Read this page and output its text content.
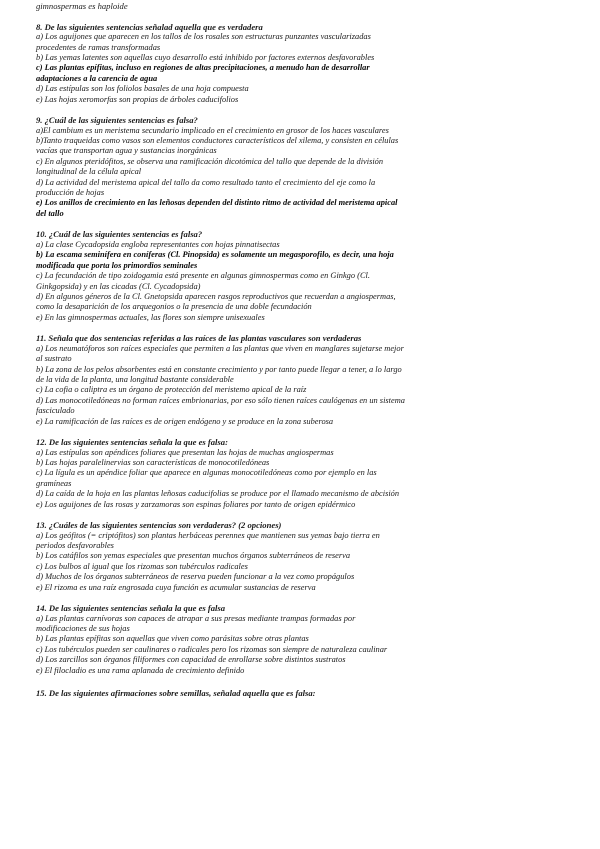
gimnospermas es haploide
8. De las siguientes sentencias señalad aquella que es verdadera
a) Los aguijones que aparecen en los tallos de los rosales son estructuras punzantes vascularizadas procedentes de ramas transformadas
b) Las yemas latentes son aquellas cuyo desarrollo está inhibido por factores externos desfavorables
c) Las plantas epífitas, incluso en regiones de altas precipitaciones, a menudo han de desarrollar adaptaciones a la carencia de agua
d) Las estípulas son los foliolos basales de una hoja compuesta
e) Las hojas xeromorfas son propias de árboles caducifolios
9. ¿Cuál de las siguientes sentencias es falsa?
a)El cambium es un meristema secundario implicado en el crecimiento en grosor de los haces vasculares
b)Tanto traqueidas como vasos son elementos conductores característicos del xilema, y consisten en células vacías que transportan agua y sustancias inorgánicas
c) En algunos pteridófitos, se observa una ramificación dicotómica del tallo que depende de la división longitudinal de la célula apical
d) La actividad del meristema apical del tallo da como resultado tanto el crecimiento del eje como la producción de hojas
e) Los anillos de crecimiento en las leñosas dependen del distinto ritmo de actividad del meristema apical del tallo
10. ¿Cuál de las siguientes sentencias es falsa?
a) La clase Cycadopsida engloba representantes con hojas pinnatisectas
b) La escama seminífera en coníferas (Cl. Pinopsida) es solamente un megasporofilo, es decir, una hoja modificada que porta los primordios seminales
c) La fecundación de tipo zoidogamia está presente en algunas gimnospermas como en Ginkgo (Cl. Ginkgopsida) y en las cicadas (Cl. Cycadopsida)
d) En algunos géneros de la Cl. Gnetopsida aparecen rasgos reproductivos que recuerdan a angiospermas, como la desaparición de los arquegonios o la presencia de una doble fecundación
e) En las gimnospermas actuales, las flores son siempre unisexuales
11. Señala que dos sentencias referidas a las raíces de las plantas vasculares son verdaderas
a) Los neumatóforos son raíces especiales que permiten a las plantas que viven en manglares sujetarse mejor al sustrato
b) La zona de los pelos absorbentes está en constante crecimiento y por tanto puede llegar a tener, a lo largo de la vida de la planta, una longitud bastante considerable
c) La cofia o caliptra es un órgano de protección del meristemo apical de la raíz
d) Las monocotiledóneas no forman raíces embrionarias, por eso sólo tienen raíces caulógenas en un sistema fasciculado
e) La ramificación de las raíces es de origen endógeno y se produce en la zona suberosa
12. De las siguientes sentencias señala la que es falsa:
a) Las estípulas son apéndices foliares que presentan las hojas de muchas angiospermas
b) Las hojas paralelinervias son características de monocotiledóneas
c) La lígula es un apéndice foliar que aparece en algunas monocotiledóneas como por ejemplo en las gramíneas
d) La caída de la hoja en las plantas leñosas caducifolias se produce por el llamado mecanismo de abcisión
e) Los aguijones de las rosas y zarzamoras son espinas foliares por tanto de origen epidérmico
13. ¿Cuáles de las siguientes sentencias son verdaderas? (2 opciones)
a) Los geófitos (= criptófitos) son plantas herbáceas perennes que mantienen sus yemas bajo tierra en periodos desfavorables
b) Los catáfilos son yemas especiales que presentan muchos órganos subterráneos de reserva
c) Los bulbos al igual que los rizomas son tubérculos radicales
d) Muchos de los órganos subterráneos de reserva pueden funcionar a la vez como propágulos
e) El rizoma es una raíz engrosada cuya función es acumular sustancias de reserva
14. De las siguientes sentencias señala la que es falsa
a) Las plantas carnívoras son capaces de atrapar a sus presas mediante trampas formadas por modificaciones de sus hojas
b) Las plantas epífitas son aquellas que viven como parásitas sobre otras plantas
c) Los tubérculos pueden ser caulinares o radicales pero los rizomas son siempre de naturaleza caulinar
d) Los zarcillos son órganos filiformes con capacidad de enrollarse sobre distintos sustratos
e) El filocladio es una rama aplanada de crecimiento definido
15. De las siguientes afirmaciones sobre semillas, señalad aquella que es falsa:
